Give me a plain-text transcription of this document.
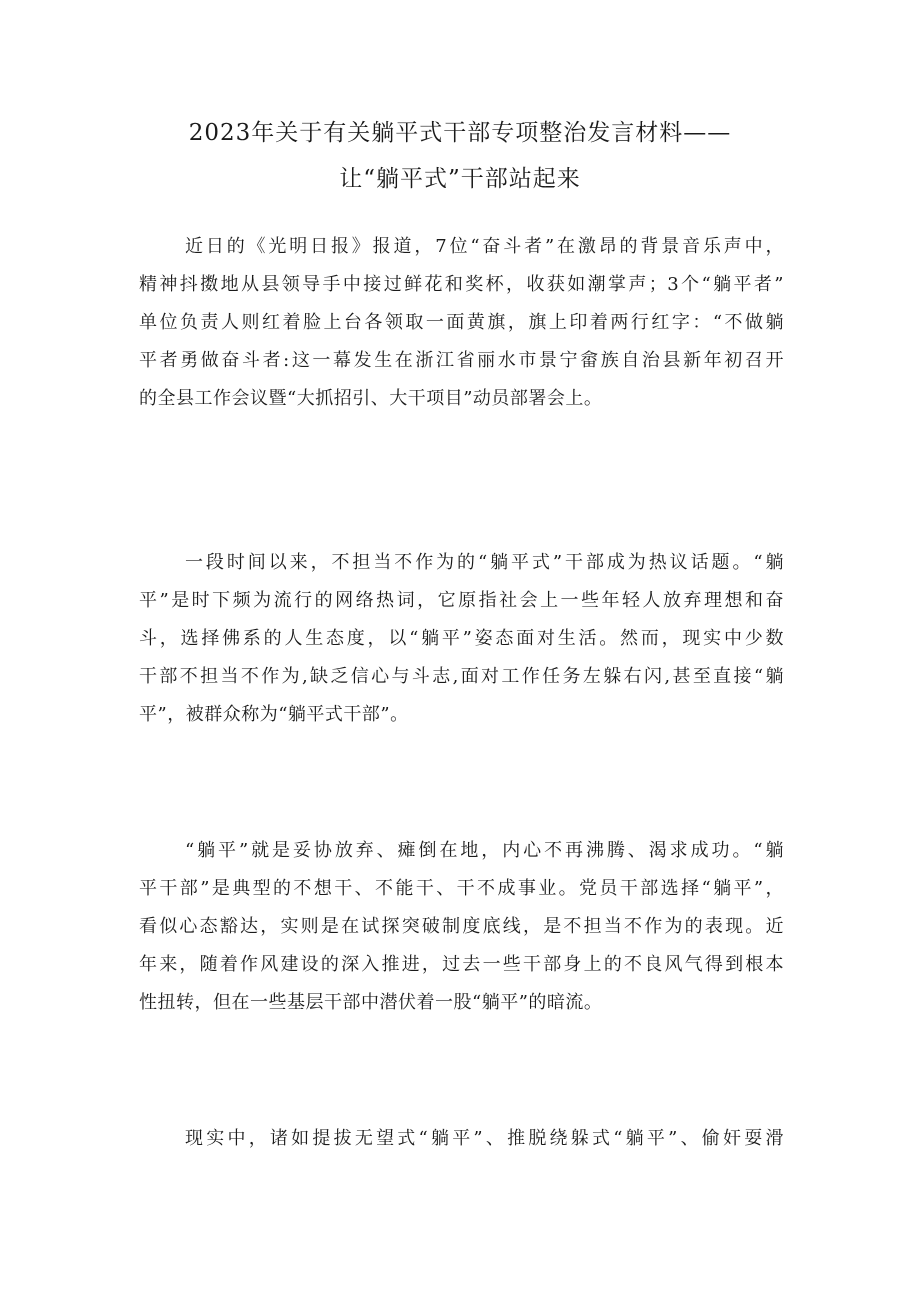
2023年关于有关躺平式干部专项整治发言材料——
让“躺平式”干部站起来

近日的《光明日报》报道，7位“奋斗者”在激昂的背景音乐声中，
精神抖擞地从县领导手中接过鲜花和奖杯，收获如潮掌声；3个“躺平者”
单位负责人则红着脸上台各领取一面黄旗，旗上印着两行红字：“不做躺
平者勇做奋斗者:这一幕发生在浙江省丽水市景宁畲族自治县新年初召开
的全县工作会议暨“大抓招引、大干项目”动员部署会上。

一段时间以来，不担当不作为的“躺平式”干部成为热议话题。“躺
平”是时下频为流行的网络热词，它原指社会上一些年轻人放弃理想和奋
斗，选择佛系的人生态度，以“躺平”姿态面对生活。然而，现实中少数
干部不担当不作为,缺乏信心与斗志,面对工作任务左躲右闪,甚至直接“躺
平”，被群众称为“躺平式干部”。

“躺平”就是妥协放弃、瘫倒在地，内心不再沸腾、渴求成功。“躺
平干部”是典型的不想干、不能干、干不成事业。党员干部选择“躺平”，
看似心态豁达，实则是在试探突破制度底线，是不担当不作为的表现。近
年来，随着作风建设的深入推进，过去一些干部身上的不良风气得到根本
性扭转，但在一些基层干部中潜伏着一股“躺平”的暗流。

现实中，诸如提拔无望式“躺平”、推脱绕躲式“躺平”、偷奸耍滑
